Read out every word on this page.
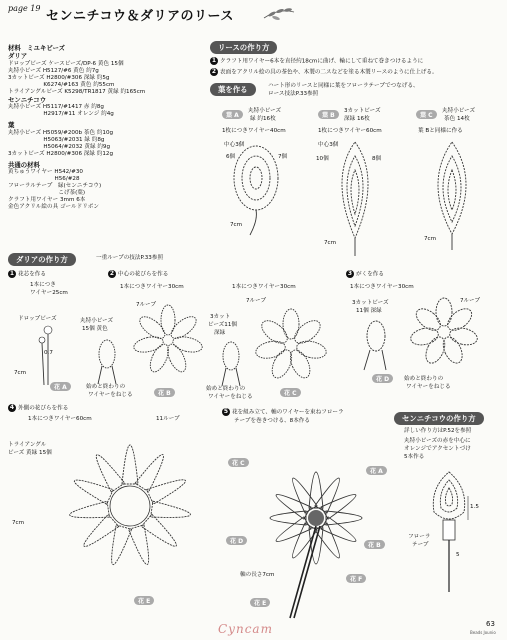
page 19
センニチコウ＆ダリアのリース
材料　ミユキビーズ
ダリア
ドロップビーズ ケースビーズ/DP-6 黄色 15個
丸特小ビーズ H5127/#6 黄色 約7g
3カットビーズ H2800/#306 深緑 約5g
　　　　　　 K6274/#163 黄色 約55cm
トライアングルビーズ K5298/TR1817 黄緑 約165cm
センニチコウ
丸特小ビーズ H5117/#1417 赤 約8g
　　　　　　 H2917/#11 オレンジ 約4g
葉
丸特小ビーズ H5059/#200b 茶色 約10g
　　　　　　 H5063/#2031 緑 約8g
　　　　　　 H5064/#2032 黄緑 約9g
3カットビーズ H2800/#306 深緑 約12g
共通の材料
黄ちゅうワイヤー H542/#30
　　　　　　　　 H56/#28
フローラルテープ　緑(センニチコウ)
　　　　　　　　　こげ茶(葉)
クラフト用ワイヤー 3mm 6本
金色アクリル絵の具 ゴールドリボン
リースの作り方
1 クラフト用ワイヤー6本を直径約18cmに曲げ、輪にして重ねて巻きつけるように
2 表面をアクリル絵の具の茶色や、木製の二スなどを塗る木製リースのように仕上げる。
葉を作る	ハート形のリースと同様に葉をフローラテープでつなげる、
ロース技法P.33参照
葉 A
丸特小ビーズ
緑 約16枚
1枚につきワイヤー40cm
中心3個
6個	7個
7cm
葉 B
3カットビーズ
深緑 16枚
1枚につきワイヤー60cm
中心3個
10個	8個
7cm
葉 C
丸特小ビーズ
茶色 14枚
葉 Bと同様に作る
7cm
ダリアの作り方	一重ループの技法P.33参照
1 花芯を作る
1本につき
ワイヤー25cm
ドロップビーズ
0.7
7cm
花 A
2 中心の花びらを作る
1本につきワイヤー30cm
丸特小ビーズ
15個 黄色
7ループ
始めと終わりの
ワイヤーをねじる	花 B
1本につきワイヤー30cm
7ループ
3カット
ビーズ11個
深緑
始めと終わりの
ワイヤーをねじる	花 C
3 がくを作る
1本につきワイヤー30cm
7ループ
3カットビーズ
11個 深緑
始めと終わりの
ワイヤーをねじる
花 D
4 外側の花びらを作る
1本につきワイヤー60cm	11ループ
トライアングル
ビーズ 黄緑 15個
7cm
花 E
5 花を組み立て、軸のワイヤーを束ねフローラ
テープを巻きつける、8本作る
軸の長さ7cm
花 A
花 B
花 C
花 D
花 E
花 F
センニチコウの作り方
詳しい作り方はP.52を参照
丸特小ビーズの赤を中心に
オレンジでアクセントづけ
5本作る
1.5
フローラ
テープ
5
Cyncam	63
Beads Jounio
